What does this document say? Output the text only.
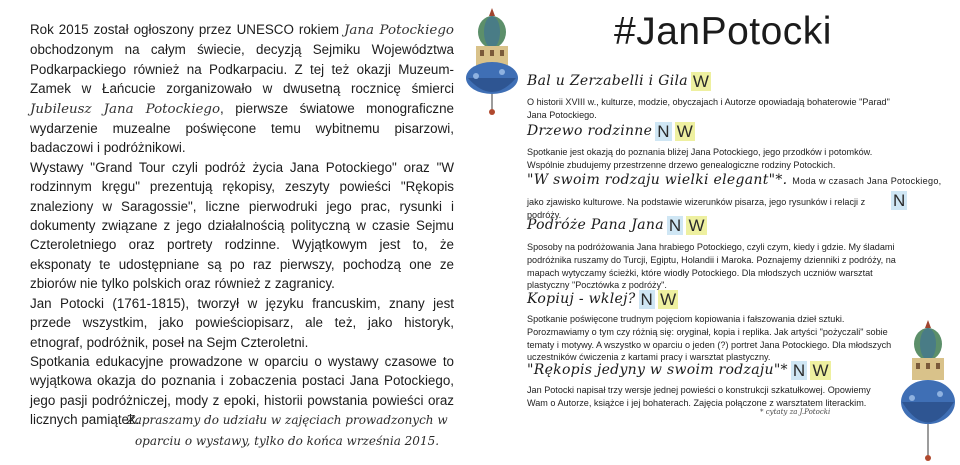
Rok 2015 został ogłoszony przez UNESCO rokiem Jana Potockiego obchodzonym na całym świecie, decyzją Sejmiku Województwa Podkarpackiego również na Podkarpaciu. Z tej też okazji Muzeum-Zamek w Łańcucie zorganizowało w dwusetną rocznicę śmierci Jubileusz Jana Potockiego, pierwsze światowe monograficzne wydarzenie muzealne poświęcone temu wybitnemu pisarzowi, badaczowi i podróżnikowi.

Wystawy "Grand Tour czyli podróż życia Jana Potockiego" oraz "W rodzinnym kręgu" prezentują rękopisy, zeszyty powieści "Rękopis znaleziony w Saragossie", liczne pierwodruki jego prac, rysunki i dokumenty związane z jego działalnością polityczną w czasie Sejmu Czteroletniego oraz portrety rodzinne. Wyjątkowym jest to, że eksponaty te udostępniane są po raz pierwszy, pochodzą one ze zbiorów nie tylko polskich oraz również z zagranicy.

Jan Potocki (1761-1815), tworzył w języku francuskim, znany jest przede wszystkim, jako powieściopisarz, ale też, jako historyk, etnograf, podróżnik, poseł na Sejm Czteroletni.

Spotkania edukacyjne prowadzone w oparciu o wystawy czasowe to wyjątkowa okazja do poznania i zobaczenia postaci Jana Potockiego, jego pasji podróżniczej, mody z epoki, historii powstania powieści oraz licznych pamiątek.

Zapraszamy do udziału w zajęciach prowadzonych w oparciu o wystawy, tylko do końca września 2015.
#JanPotocki
Bal u Zerzabelli i Gila W
O historii XVIII w., kulturze, modzie, obyczajach i Autorze opowiadają bohaterowie "Parad" Jana Potockiego.
Drzewo rodzinne N W
Spotkanie jest okazją do poznania bliżej Jana Potockiego, jego przodków i potomków. Wspólnie zbudujemy przestrzenne drzewo genealogiczne rodziny Potockich.
"W swoim rodzaju wielki elegant"*. Moda w czasach Jana Potockiego,
jako zjawisko kulturowe. Na podstawie wizerunków pisarza, jego rysunków i relacji z podróży.
N
Podróże Pana Jana N W
Sposoby na podróżowania Jana hrabiego Potockiego, czyli czym, kiedy i gdzie. My śladami podróżnika ruszamy do Turcji, Egiptu, Holandii i Maroka. Poznajemy dzienniki z podróży, na mapach wytyczamy ścieżki, które wiodły Potockiego. Dla młodszych uczniów warsztat plastyczny "Pocztówka z podróży".
Kopiuj - wklej? N W
Spotkanie poświęcone trudnym pojęciom kopiowania i fałszowania dzieł sztuki. Porozmawiamy o tym czy różnią się: oryginał, kopia i replika. Jak artyści "pożyczali" sobie tematy i motywy. A wszystko w oparciu o jeden (?) portret Jana Potockiego. Dla młodszych uczestników ćwiczenia z kartami pracy i warsztat plastyczny.
"Rękopis jedyny w swoim rodzaju"* N W
Jan Potocki napisał trzy wersje jednej powieści o konstrukcji szkatułkowej. Opowiemy Wam o Autorze, książce i jej bohaterach. Zajęcia połączone z warsztatem literackim.
* cytaty za J.Potocki
